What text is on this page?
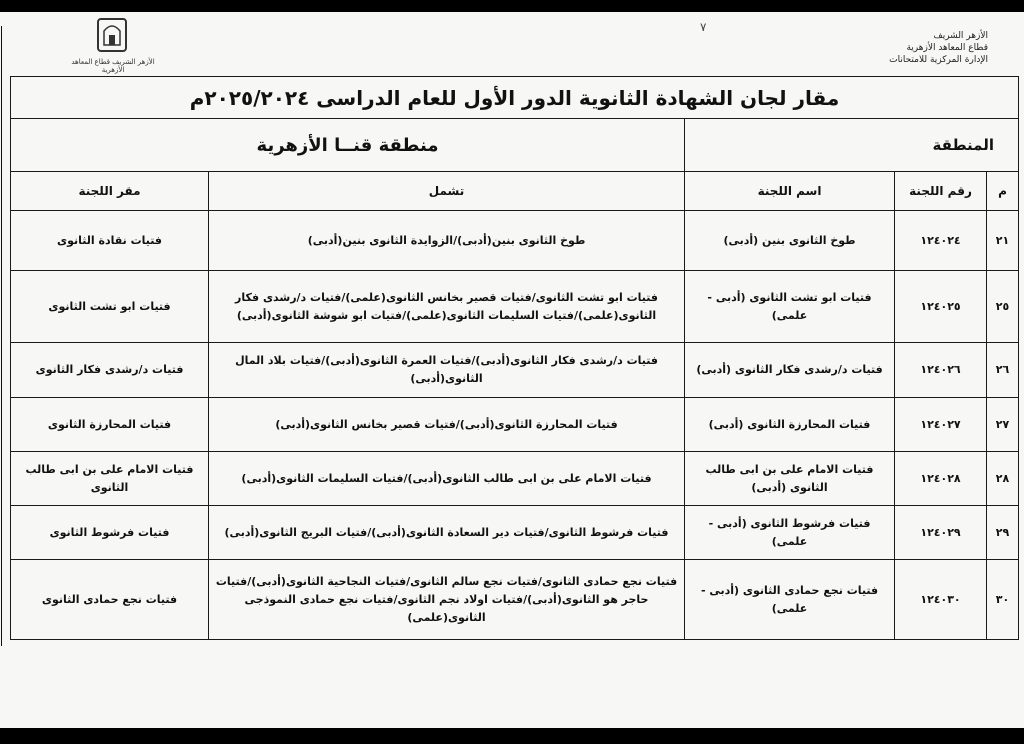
الأزهر الشريف قطاع المعاهد الأزهرية
٧
الأزهر الشريف
قطاع المعاهد الأزهرية
الإدارة المركزية للامتحانات
مقار لجان الشهادة الثانوية الدور الأول للعام الدراسى ٢٠٢٥/٢٠٢٤م				
المنطقة			منطقة قنــا الأزهرية	
م	رقم اللجنة	اسم اللجنة	تشمل	مقر اللجنة
٢١	١٢٤٠٢٤	طوخ الثانوى بنين (أدبى)	طوخ الثانوى بنين(أدبى)/الزوايدة الثانوى بنين(أدبى)	فتيات نقادة الثانوى
٢٥	١٢٤٠٢٥	فتيات ابو تشت الثانوى (أدبى - علمى)	فتيات ابو تشت الثانوى/فتيات قصير بخانس الثانوى(علمى)/فتيات د/رشدى فكار الثانوى(علمى)/فتيات السليمات الثانوى(علمى)/فتيات ابو شوشة الثانوى(أدبى)	فتيات ابو تشت الثانوى
٢٦	١٢٤٠٢٦	فتيات د/رشدى فكار الثانوى (أدبى)	فتيات د/رشدى فكار الثانوى(أدبى)/فتيات العمرة الثانوى(أدبى)/فتيات بلاد المال الثانوى(أدبى)	فتيات د/رشدى فكار الثانوى
٢٧	١٢٤٠٢٧	فتيات المحارزة الثانوى (أدبى)	فتيات المحارزة الثانوى(أدبى)/فتيات قصير بخانس الثانوى(أدبى)	فتيات المحارزة الثانوى
٢٨	١٢٤٠٢٨	فتيات الامام على بن ابى طالب الثانوى (أدبى)	فتيات الامام على بن ابى طالب الثانوى(أدبى)/فتيات السليمات الثانوى(أدبى)	فتيات الامام على بن ابى طالب الثانوى
٢٩	١٢٤٠٢٩	فتيات فرشوط الثانوى (أدبى - علمى)	فتيات فرشوط الثانوى/فتيات دير السعادة الثانوى(أدبى)/فتيات البريج الثانوى(أدبى)	فتيات فرشوط الثانوى
٣٠	١٢٤٠٣٠	فتيات نجع حمادى الثانوى (أدبى - علمى)	فتيات نجع حمادى الثانوى/فتيات نجع سالم الثانوى/فتيات النجاحية الثانوى(أدبى)/فتيات حاجر هو الثانوى(أدبى)/فتيات اولاد نجم الثانوى/فتيات نجع حمادى النموذجى الثانوى(علمى)	فتيات نجع حمادى الثانوى
